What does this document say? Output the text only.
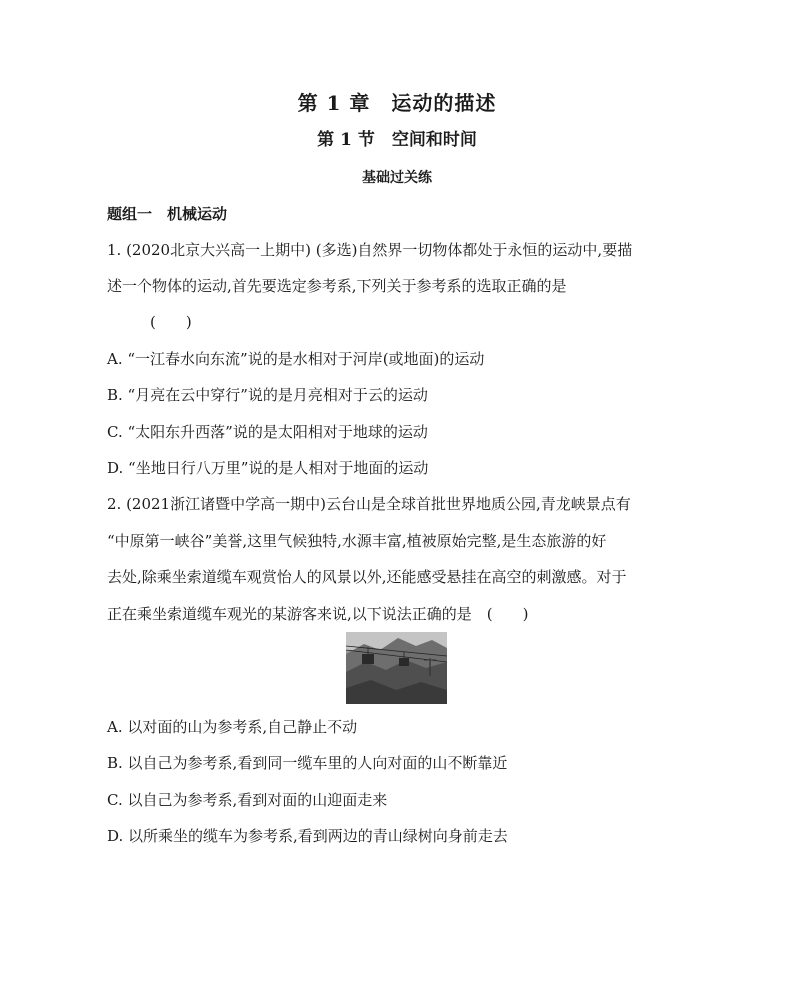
第 1 章　运动的描述
第 1 节　空间和时间
基础过关练
题组一　机械运动
1. (2020北京大兴高一上期中) (多选)自然界一切物体都处于永恒的运动中,要描
述一个物体的运动,首先要选定参考系,下列关于参考系的选取正确的是
(　　)
A. “一江春水向东流”说的是水相对于河岸(或地面)的运动
B. “月亮在云中穿行”说的是月亮相对于云的运动
C. “太阳东升西落”说的是太阳相对于地球的运动
D. “坐地日行八万里”说的是人相对于地面的运动
2. (2021浙江诸暨中学高一期中)云台山是全球首批世界地质公园,青龙峡景点有
“中原第一峡谷”美誉,这里气候独特,水源丰富,植被原始完整,是生态旅游的好
去处,除乘坐索道缆车观赏怡人的风景以外,还能感受悬挂在高空的刺激感。对于
正在乘坐索道缆车观光的某游客来说,以下说法正确的是　(　　)
A. 以对面的山为参考系,自己静止不动
B. 以自己为参考系,看到同一缆车里的人向对面的山不断靠近
C. 以自己为参考系,看到对面的山迎面走来
D. 以所乘坐的缆车为参考系,看到两边的青山绿树向身前走去
